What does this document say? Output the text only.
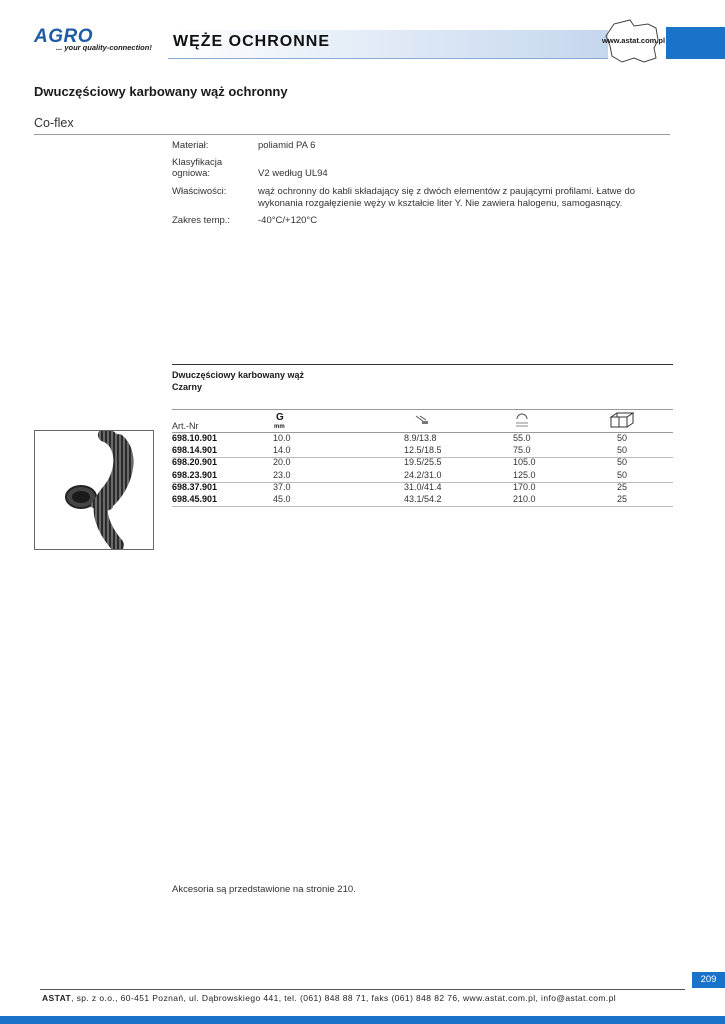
AGRO
... your quality-connection! WĘŻE OCHRONNE	www.astat.com.pl
Dwuczęściowy karbowany wąż ochronny
Co-flex
Materiał:	poliamid PA 6
Klasyfikacja ogniowa:	V2 według UL94
Właściwości:	wąż ochronny do kabli składający się z dwóch elementów z paującymi profilami. Łatwe do wykonania rozgałęzienie węży w kształcie liter Y. Nie zawiera halogenu, samogasnący.
Zakres temp.:	-40°C/+120°C
Dwuczęściowy karbowany wąż
Czarny
Art.-Nr
G
mm
698.10.901	10.0	8.9/13.8	55.0	50
698.14.901	14.0	12.5/18.5	75.0	50
698.20.901	20.0	19.5/25.5	105.0	50
698.23.901	23.0	24.2/31.0	125.0	50
698.37.901	37.0	31.0/41.4	170.0	25
698.45.901	45.0	43.1/54.2	210.0	25
Akcesoria są przedstawione na stronie 210.
209
ASTAT, sp. z o.o., 60-451 Poznań, ul. Dąbrowskiego 441, tel. (061) 848 88 71, faks (061) 848 82 76, www.astat.com.pl, info@astat.com.pl
